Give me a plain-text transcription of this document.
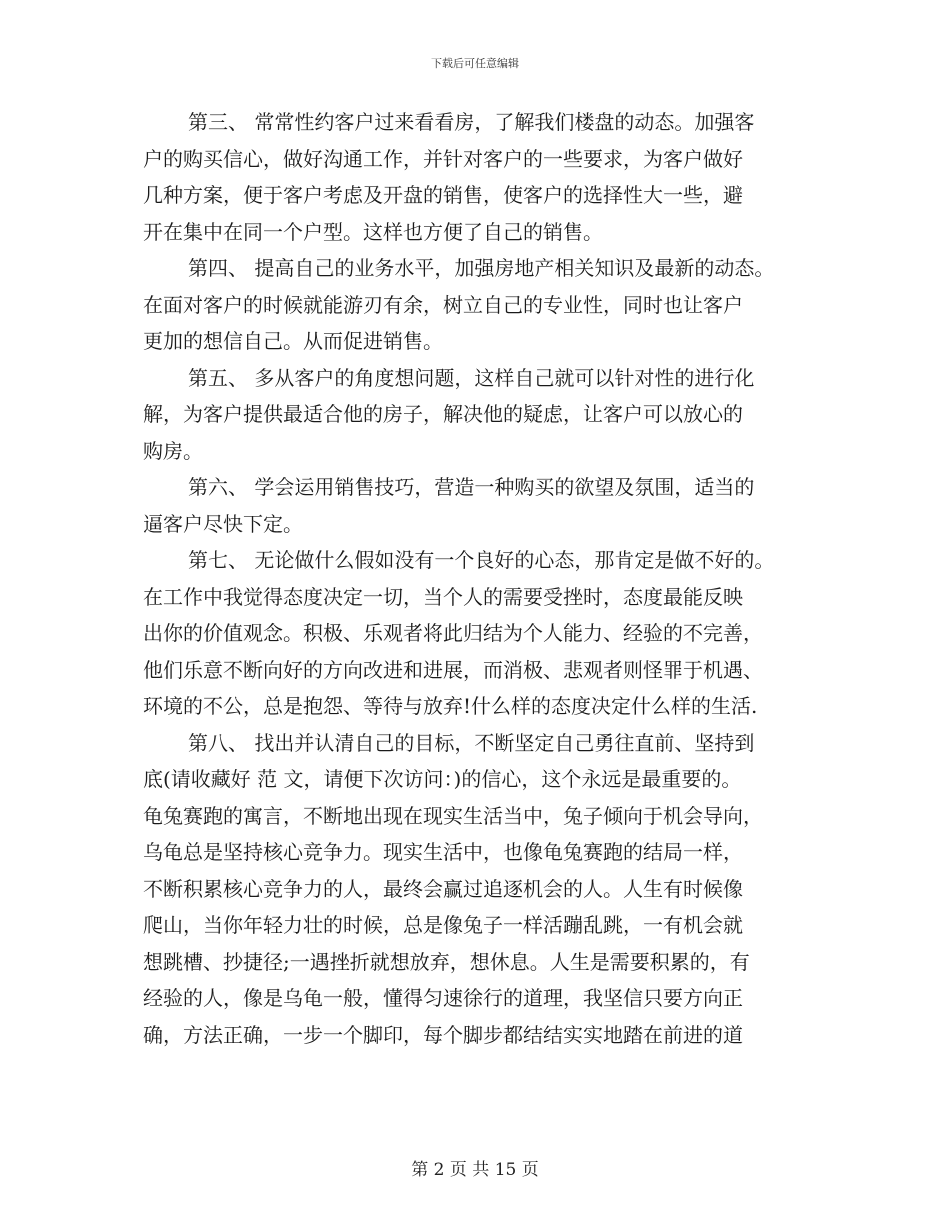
下载后可任意编辑
第三、 常常性约客户过来看看房，了解我们楼盘的动态。加强客
户的购买信心，做好沟通工作，并针对客户的一些要求，为客户做好
几种方案，便于客户考虑及开盘的销售，使客户的选择性大一些，避
开在集中在同一个户型。这样也方便了自己的销售。
第四、 提高自己的业务水平，加强房地产相关知识及最新的动态。
在面对客户的时候就能游刃有余，树立自己的专业性，同时也让客户
更加的想信自己。从而促进销售。
第五、 多从客户的角度想问题，这样自己就可以针对性的进行化
解，为客户提供最适合他的房子，解决他的疑虑，让客户可以放心的
购房。
第六、 学会运用销售技巧，营造一种购买的欲望及氛围，适当的
逼客户尽快下定。
第七、 无论做什么假如没有一个良好的心态，那肯定是做不好的。
在工作中我觉得态度决定一切，当个人的需要受挫时，态度最能反映
出你的价值观念。积极、乐观者将此归结为个人能力、经验的不完善，
他们乐意不断向好的方向改进和进展，而消极、悲观者则怪罪于机遇、
环境的不公，总是抱怨、等待与放弃!什么样的态度决定什么样的生活.
第八、 找出并认清自己的目标，不断坚定自己勇往直前、坚持到
底(请收藏好 范 文，请便下次访问：)的信心，这个永远是最重要的。
龟兔赛跑的寓言，不断地出现在现实生活当中，兔子倾向于机会导向，
乌龟总是坚持核心竞争力。现实生活中，也像龟兔赛跑的结局一样，
不断积累核心竞争力的人，最终会赢过追逐机会的人。人生有时候像
爬山，当你年轻力壮的时候，总是像兔子一样活蹦乱跳，一有机会就
想跳槽、抄捷径;一遇挫折就想放弃，想休息。人生是需要积累的，有
经验的人，像是乌龟一般，懂得匀速徐行的道理，我坚信只要方向正
确，方法正确，一步一个脚印，每个脚步都结结实实地踏在前进的道
第 2 页 共 15 页
